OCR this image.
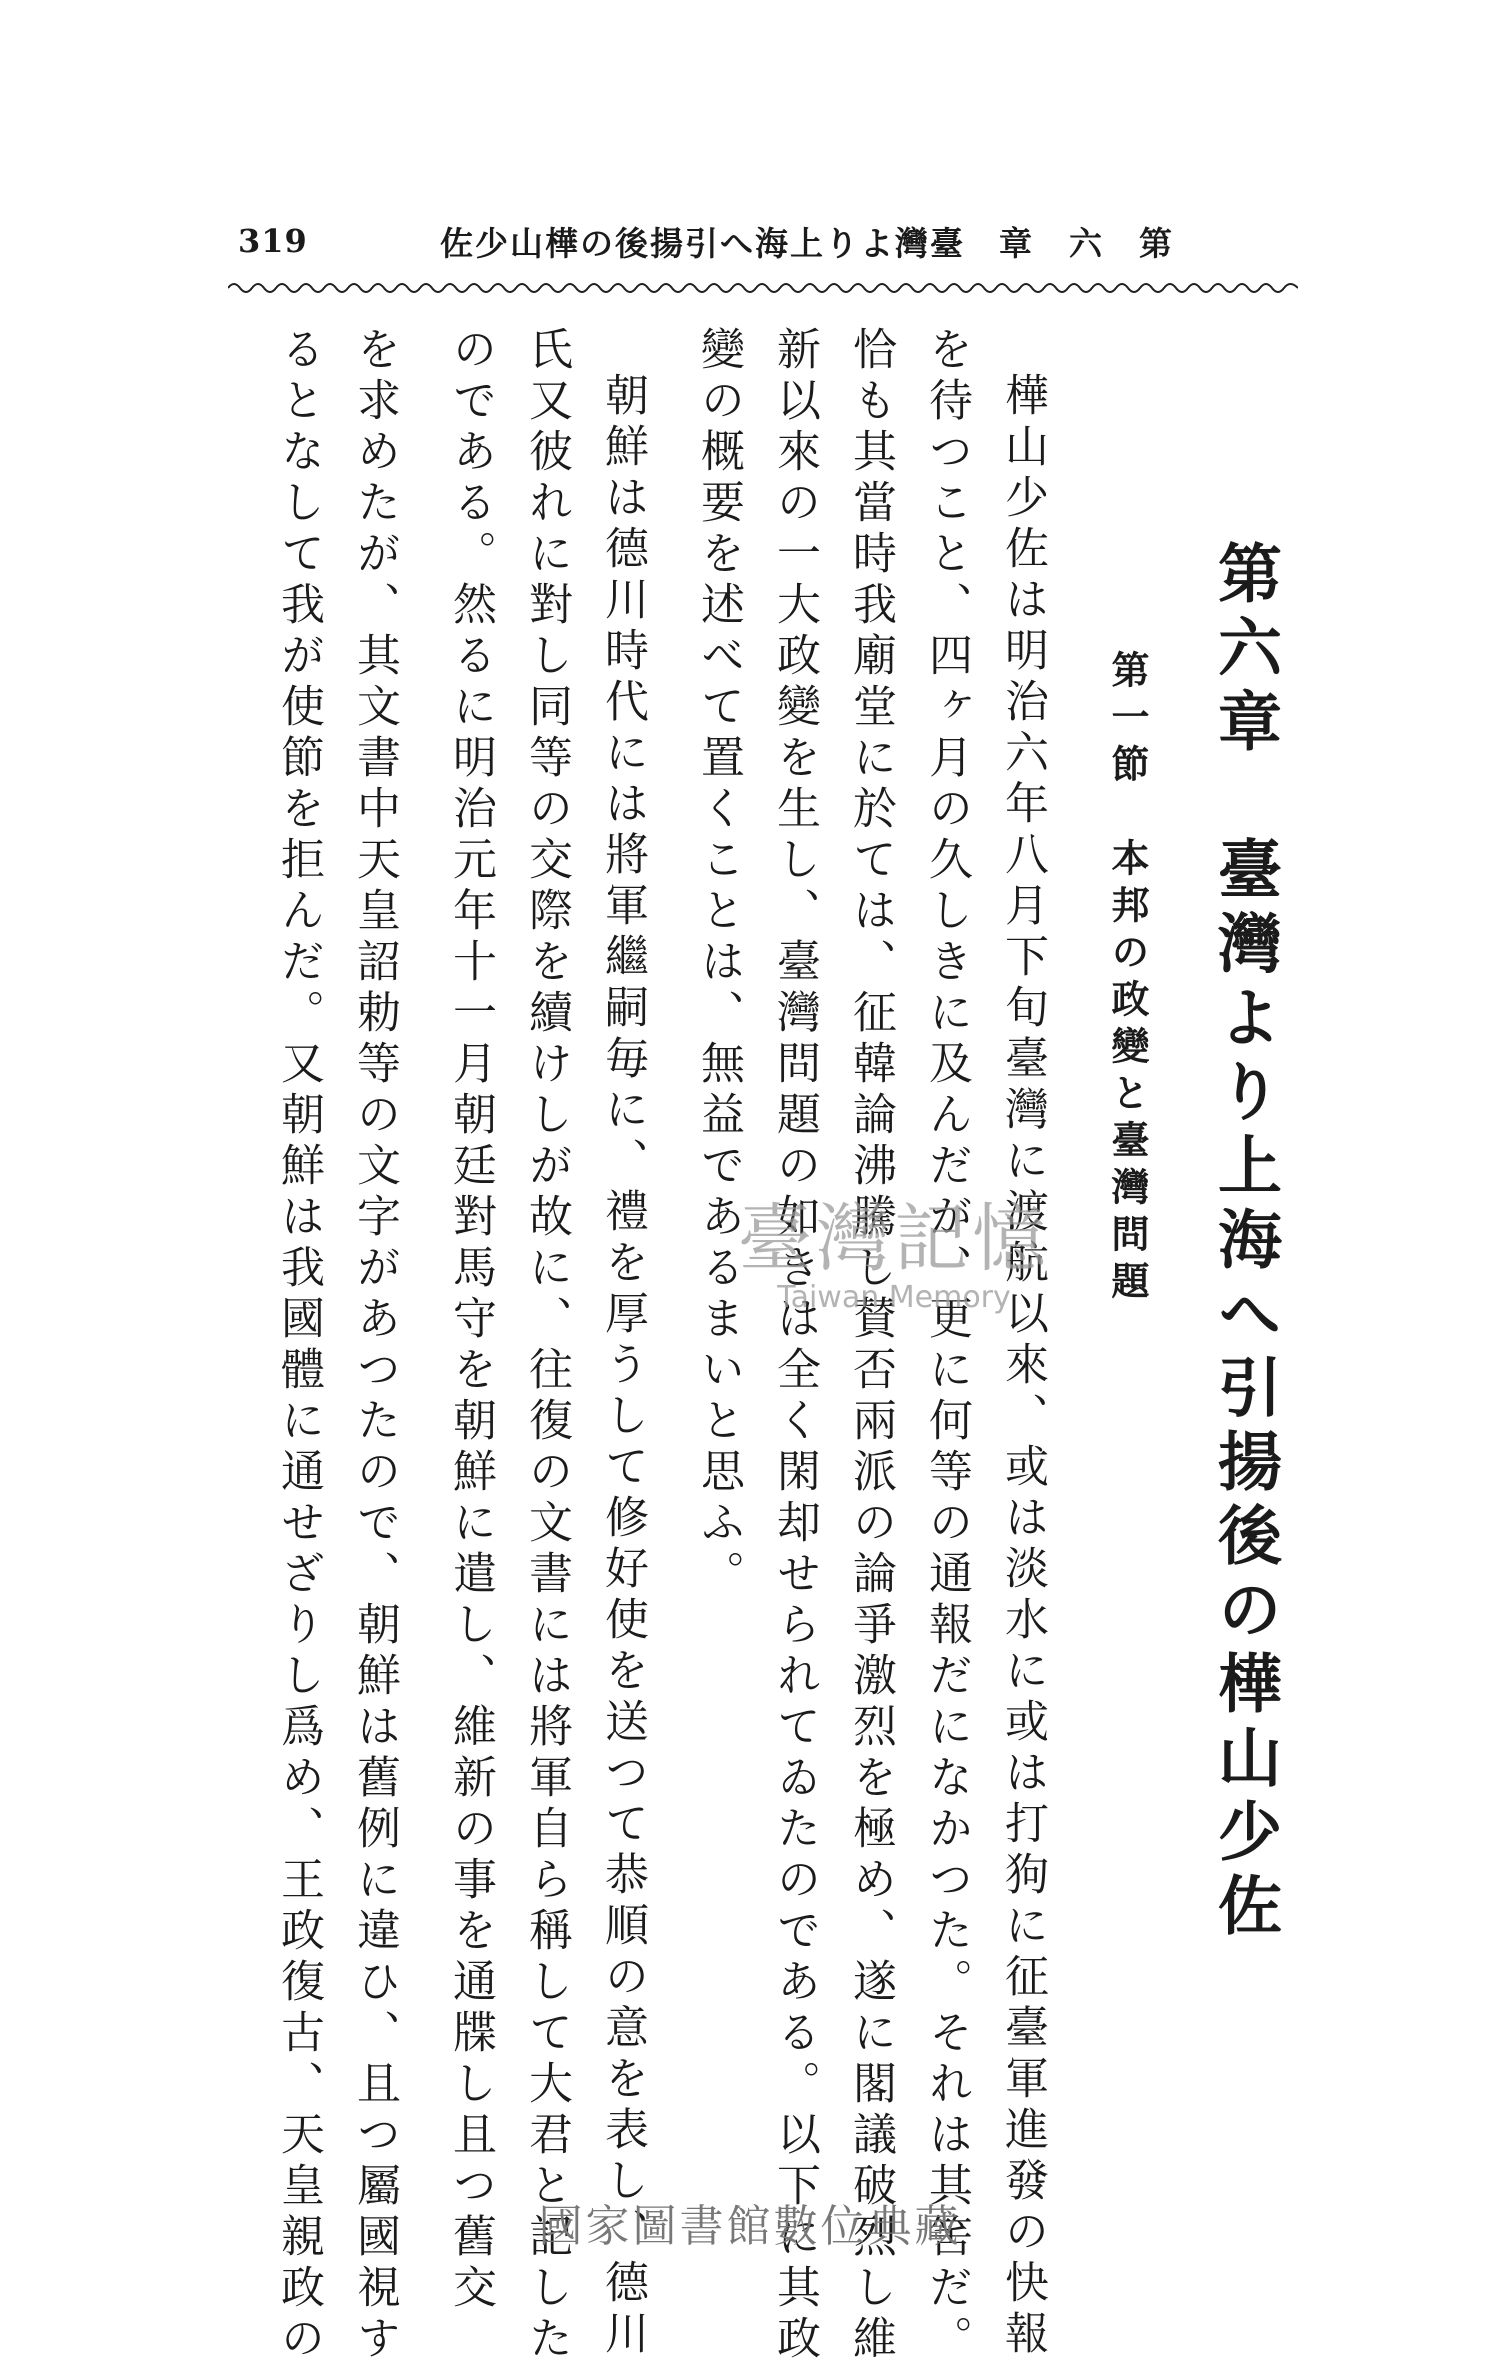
319	佐少山樺の後揚引へ海上りよ灣臺 章　六　第
第六章　臺灣より上海へ引揚後の樺山少佐
第一節　本邦の政變と臺灣問題
樺山少佐は明治六年八月下旬臺灣に渡航以來、或は淡水に或は打狗に征臺軍進發の快報
を待つこと、四ヶ月の久しきに及んだが、更に何等の通報だになかつた。それは其筈だ。
恰も其當時我廟堂に於ては、征韓論沸騰し賛否兩派の論爭激烈を極め、遂に閣議破烈し維
新以來の一大政變を生し、臺灣問題の如きは全く閑却せられてゐたのである。以下に其政
變の概要を述べて置くことは、無益であるまいと思ふ。
朝鮮は德川時代には將軍繼嗣毎に、禮を厚うして修好使を送つて恭順の意を表し、德川
氏又彼れに對し同等の交際を續けしが故に、往復の文書には將軍自ら稱して大君と記した
のである。然るに明治元年十一月朝廷對馬守を朝鮮に遣し、維新の事を通牒し且つ舊交
を求めたが、其文書中天皇詔勅等の文字があつたので、朝鮮は舊例に違ひ、且つ屬國視す
るとなして我が使節を拒んだ。又朝鮮は我國體に通せざりし爲め、王政復古、天皇親政の	臺灣記憶
Taiwan Memory
國家圖書館數位典藏
